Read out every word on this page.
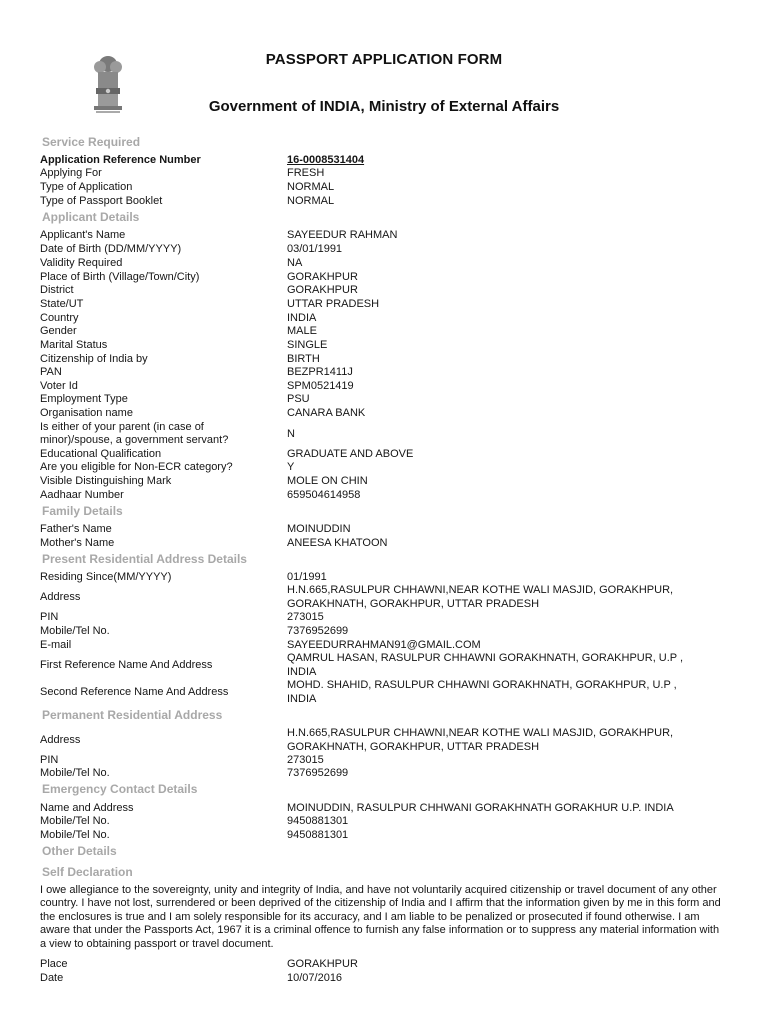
PASSPORT APPLICATION FORM
Government of INDIA, Ministry of External Affairs
Service Required
Application Reference Number	16-0008531404
Applying For	FRESH
Type of Application	NORMAL
Type of Passport Booklet	NORMAL
Applicant Details
Applicant's Name	SAYEEDUR RAHMAN
Date of Birth (DD/MM/YYYY)	03/01/1991
Validity Required	NA
Place of Birth (Village/Town/City)	GORAKHPUR
District	GORAKHPUR
State/UT	UTTAR PRADESH
Country	INDIA
Gender	MALE
Marital Status	SINGLE
Citizenship of India by	BIRTH
PAN	BEZPR1411J
Voter Id	SPM0521419
Employment Type	PSU
Organisation name	CANARA BANK
Is either of your parent (in case of
minor)/spouse, a government servant?	N
Educational Qualification	GRADUATE AND ABOVE
Are you eligible for Non-ECR category?	Y
Visible Distinguishing Mark	MOLE ON CHIN
Aadhaar Number	659504614958
Family Details
Father's Name	MOINUDDIN
Mother's Name	ANEESA KHATOON
Present Residential Address Details
Residing Since(MM/YYYY)	01/1991
Address
H.N.665,RASULPUR CHHAWNI,NEAR KOTHE WALI MASJID, GORAKHPUR,
GORAKHNATH, GORAKHPUR, UTTAR PRADESH
PIN	273015
Mobile/Tel No.	7376952699
E-mail	SAYEEDURRAHMAN91@GMAIL.COM
First Reference Name And Address
QAMRUL HASAN, RASULPUR CHHAWNI GORAKHNATH, GORAKHPUR, U.P ,
INDIA
Second Reference Name And Address
MOHD. SHAHID, RASULPUR CHHAWNI GORAKHNATH, GORAKHPUR, U.P ,
INDIA
Permanent Residential Address
Address
H.N.665,RASULPUR CHHAWNI,NEAR KOTHE WALI MASJID, GORAKHPUR,
GORAKHNATH, GORAKHPUR, UTTAR PRADESH
PIN	273015
Mobile/Tel No.	7376952699
Emergency Contact Details
Name and Address	MOINUDDIN, RASULPUR CHHWANI GORAKHNATH GORAKHUR U.P. INDIA
Mobile/Tel No.	9450881301
Mobile/Tel No.	9450881301
Other Details
Self Declaration
I owe allegiance to the sovereignty, unity and integrity of India, and have not voluntarily acquired citizenship or travel document of any other country. I have not lost, surrendered or been deprived of the citizenship of India and I affirm that the information given by me in this form and the enclosures is true and I am solely responsible for its accuracy, and I am liable to be penalized or prosecuted if found otherwise. I am aware that under the Passports Act, 1967 it is a criminal offence to furnish any false information or to suppress any material information with a view to obtaining passport or travel document.
Place	GORAKHPUR
Date	10/07/2016
